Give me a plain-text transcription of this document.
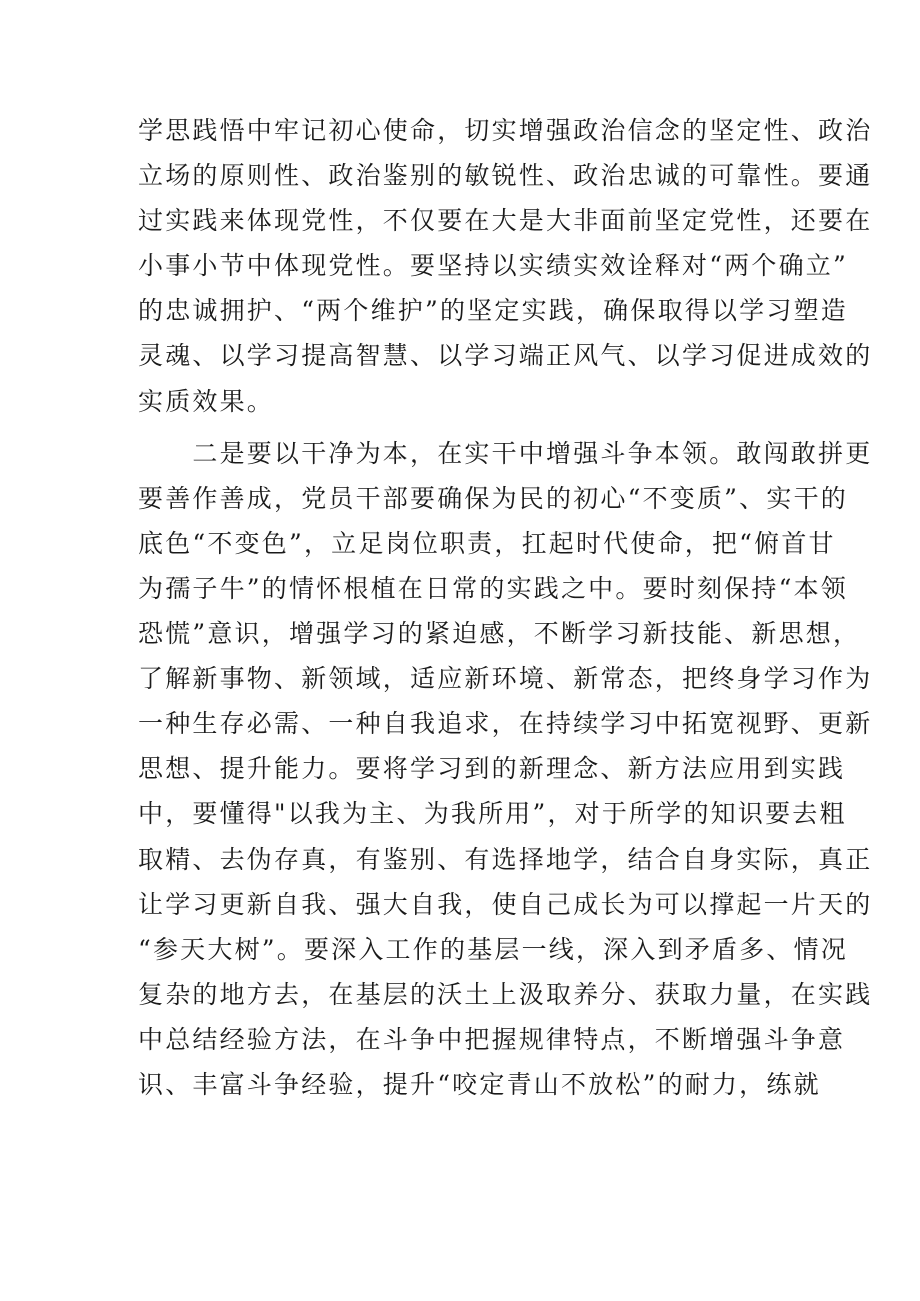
学思践悟中牢记初心使命，切实增强政治信念的坚定性、政治
立场的原则性、政治鉴别的敏锐性、政治忠诚的可靠性。要通
过实践来体现党性，不仅要在大是大非面前坚定党性，还要在
小事小节中体现党性。要坚持以实绩实效诠释对“两个确立”
的忠诚拥护、“两个维护”的坚定实践，确保取得以学习塑造
灵魂、以学习提高智慧、以学习端正风气、以学习促进成效的
实质效果。
　　二是要以干净为本，在实干中增强斗争本领。敢闯敢拼更
要善作善成，党员干部要确保为民的初心“不变质”、实干的
底色“不变色”，立足岗位职责，扛起时代使命，把“俯首甘
为孺子牛”的情怀根植在日常的实践之中。要时刻保持“本领
恐慌”意识，增强学习的紧迫感，不断学习新技能、新思想，
了解新事物、新领域，适应新环境、新常态，把终身学习作为
一种生存必需、一种自我追求，在持续学习中拓宽视野、更新
思想、提升能力。要将学习到的新理念、新方法应用到实践
中，要懂得"以我为主、为我所用”，对于所学的知识要去粗
取精、去伪存真，有鉴别、有选择地学，结合自身实际，真正
让学习更新自我、强大自我，使自己成长为可以撑起一片天的
“参天大树”。要深入工作的基层一线，深入到矛盾多、情况
复杂的地方去，在基层的沃土上汲取养分、获取力量，在实践
中总结经验方法，在斗争中把握规律特点，不断增强斗争意
识、丰富斗争经验，提升“咬定青山不放松”的耐力，练就
